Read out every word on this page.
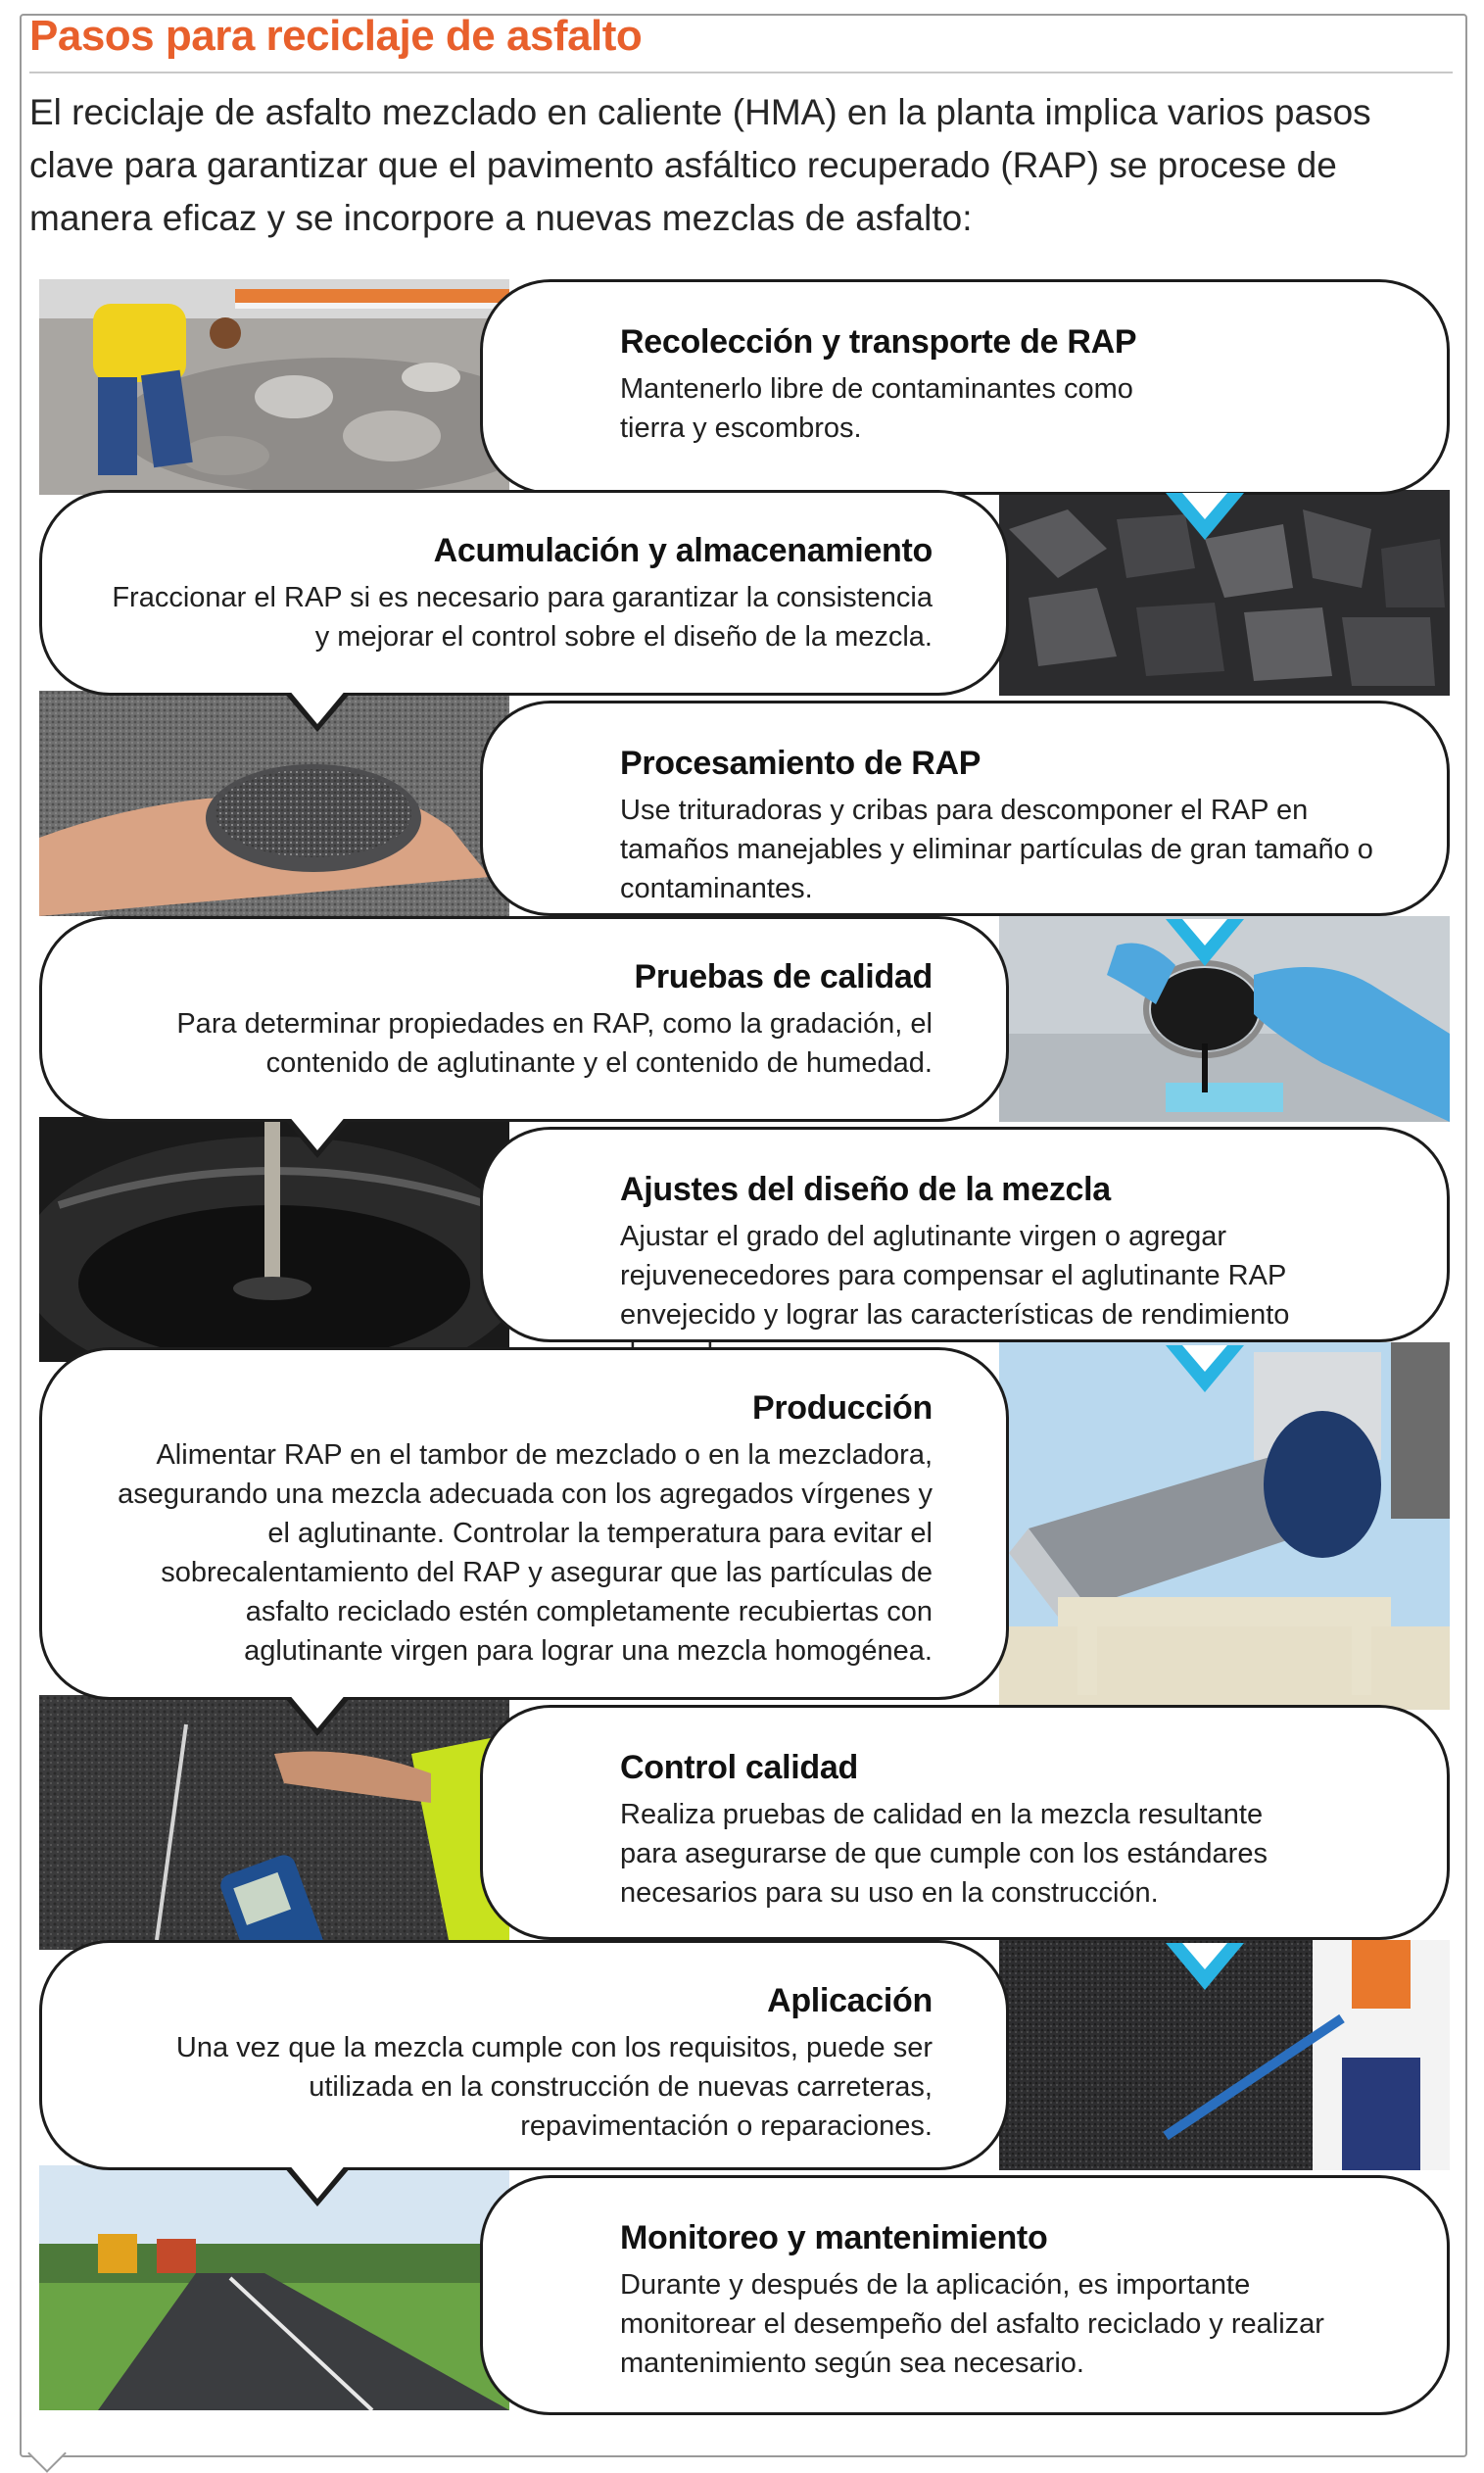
Pasos para reciclaje de asfalto

El reciclaje de asfalto mezclado en caliente (HMA) en la planta implica varios pasos clave para garantizar que el pavimento asfáltico recuperado (RAP) se procese de manera eficaz y se incorpore a nuevas mezclas de asfalto:

Recolección y transporte de RAP

Mantenerlo libre de contaminantes como tierra y escombros.

Acumulación y almacenamiento

Fraccionar el RAP si es necesario para garantizar la consistencia y mejorar el control sobre el diseño de la mezcla.

Procesamiento de RAP

Use trituradoras y cribas para descomponer el RAP en tamaños manejables y eliminar partículas de gran tamaño o contaminantes.

Pruebas de calidad

Para determinar propiedades en RAP, como la gradación, el contenido de aglutinante y el contenido de humedad.

Ajustes del diseño de la mezcla

Ajustar el grado del aglutinante virgen o agregar rejuvenecedores para compensar el aglutinante RAP envejecido y lograr las características de rendimiento

Producción

Alimentar RAP en el tambor de mezclado o en la mezcladora, asegurando una mezcla adecuada con los agregados vírgenes y el aglutinante. Controlar la temperatura para evitar el sobrecalentamiento del RAP y asegurar que las partículas de asfalto reciclado estén completamente recubiertas con aglutinante virgen para lograr una mezcla homogénea.

Control calidad

Realiza pruebas de calidad en la mezcla resultante para asegurarse de que cumple con los estándares necesarios para su uso en la construcción.

Aplicación

Una vez que la mezcla cumple con los requisitos, puede ser utilizada en la construcción de nuevas carreteras, repavimentación o reparaciones.

Monitoreo y mantenimiento

Durante y después de la aplicación, es importante monitorear el desempeño del asfalto reciclado y realizar mantenimiento según sea necesario.
